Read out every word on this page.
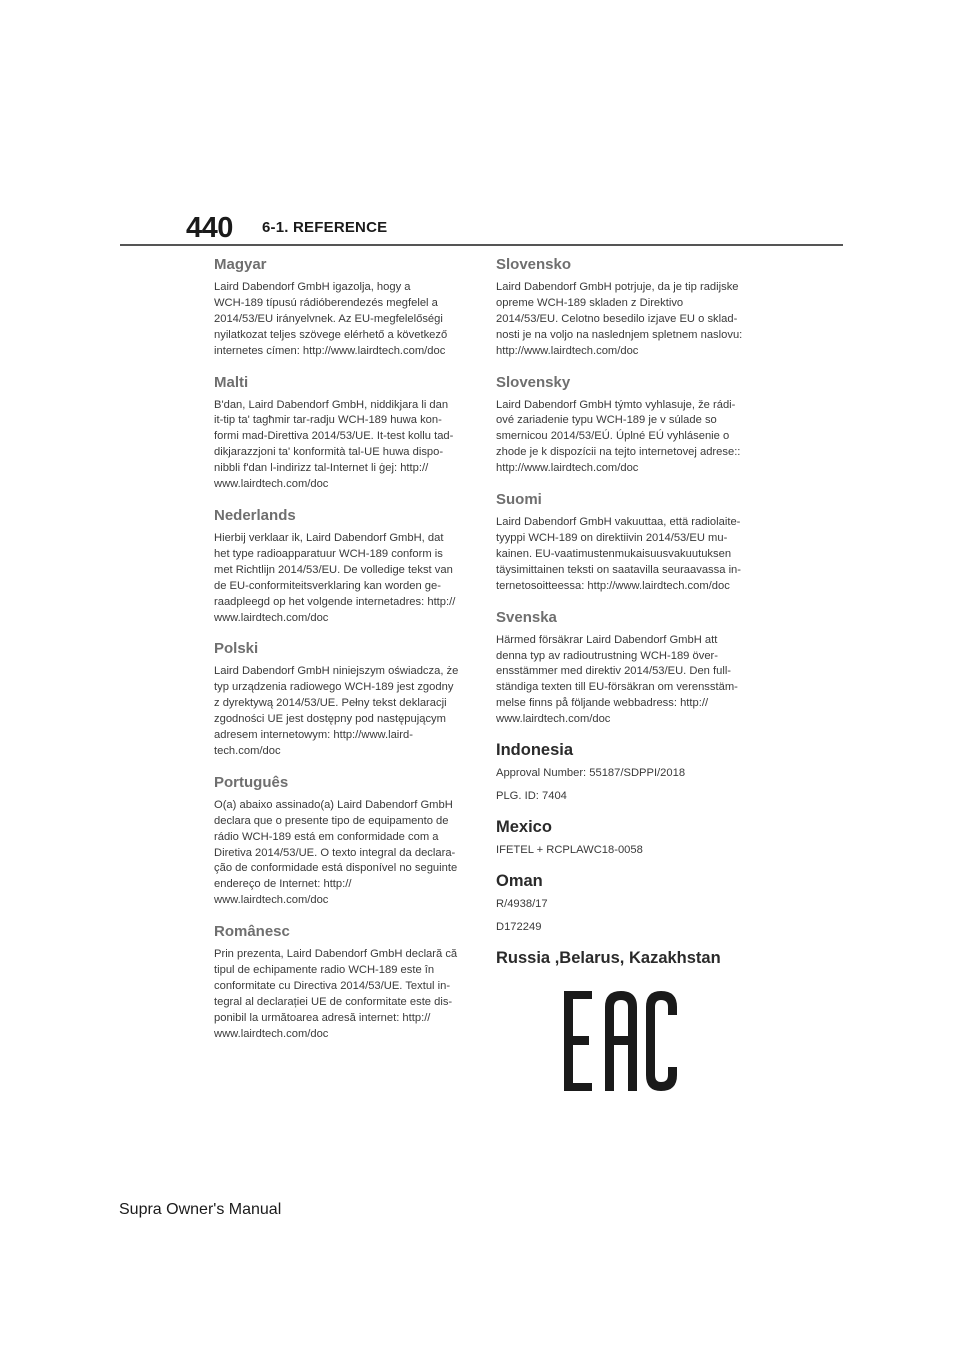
440 6-1. REFERENCE
Magyar

Laird Dabendorf GmbH igazolja, hogy a
WCH-189 típusú rádióberendezés megfelel a
2014/53/EU irányelvnek. Az EU-megfelelőségi
nyilatkozat teljes szövege elérhető a következő
internetes címen: http://www.lairdtech.com/doc

Malti

B'dan, Laird Dabendorf GmbH, niddikjara li dan
it-tip ta' tagħmir tar-radju WCH-189 huwa kon-
formi mad-Direttiva 2014/53/UE. It-test kollu tad-
dikjarazzjoni ta' konformità tal-UE huwa dispo-
nibbli f'dan l-indirizz tal-Internet li ġej: http://
www.lairdtech.com/doc

Nederlands

Hierbij verklaar ik, Laird Dabendorf GmbH, dat
het type radioapparatuur WCH-189 conform is
met Richtlijn 2014/53/EU. De volledige tekst van
de EU-conformiteitsverklaring kan worden ge-
raadpleegd op het volgende internetadres: http://
www.lairdtech.com/doc

Polski

Laird Dabendorf GmbH niniejszym oświadcza, że
typ urządzenia radiowego WCH-189 jest zgodny
z dyrektywą 2014/53/UE. Pełny tekst deklaracji
zgodności UE jest dostępny pod następującym
adresem internetowym: http://www.laird-
tech.com/doc

Português

O(a) abaixo assinado(a) Laird Dabendorf GmbH
declara que o presente tipo de equipamento de
rádio WCH-189 está em conformidade com a
Diretiva 2014/53/UE. O texto integral da declara-
ção de conformidade está disponível no seguinte
endereço de Internet: http://
www.lairdtech.com/doc

Românesc

Prin prezenta, Laird Dabendorf GmbH declară că
tipul de echipamente radio WCH-189 este în
conformitate cu Directiva 2014/53/UE. Textul in-
tegral al declarației UE de conformitate este dis-
ponibil la următoarea adresă internet: http://
www.lairdtech.com/doc

Slovensko

Laird Dabendorf GmbH potrjuje, da je tip radijske
opreme WCH-189 skladen z Direktivo
2014/53/EU. Celotno besedilo izjave EU o sklad-
nosti je na voljo na naslednjem spletnem naslovu:
http://www.lairdtech.com/doc

Slovensky

Laird Dabendorf GmbH týmto vyhlasuje, že rádi-
ové zariadenie typu WCH-189 je v súlade so
smernicou 2014/53/EÚ. Úplné EÚ vyhlásenie o
zhode je k dispozícii na tejto internetovej adrese::
http://www.lairdtech.com/doc

Suomi

Laird Dabendorf GmbH vakuuttaa, että radiolaite-
tyyppi WCH-189 on direktiivin 2014/53/EU mu-
kainen. EU-vaatimustenmukaisuusvakuutuksen
täysimittainen teksti on saatavilla seuraavassa in-
ternetosoitteessa: http://www.lairdtech.com/doc

Svenska

Härmed försäkrar Laird Dabendorf GmbH att
denna typ av radioutrustning WCH-189 över-
ensstämmer med direktiv 2014/53/EU. Den full-
ständiga texten till EU-försäkran om verensstäm-
melse finns på följande webbadress: http://
www.lairdtech.com/doc

Indonesia

Approval Number: 55187/SDPPI/2018

PLG. ID: 7404

Mexico

IFETEL + RCPLAWC18-0058

Oman

R/4938/17

D172249

Russia ,Belarus, Kazakhstan
Supra Owner's Manual
